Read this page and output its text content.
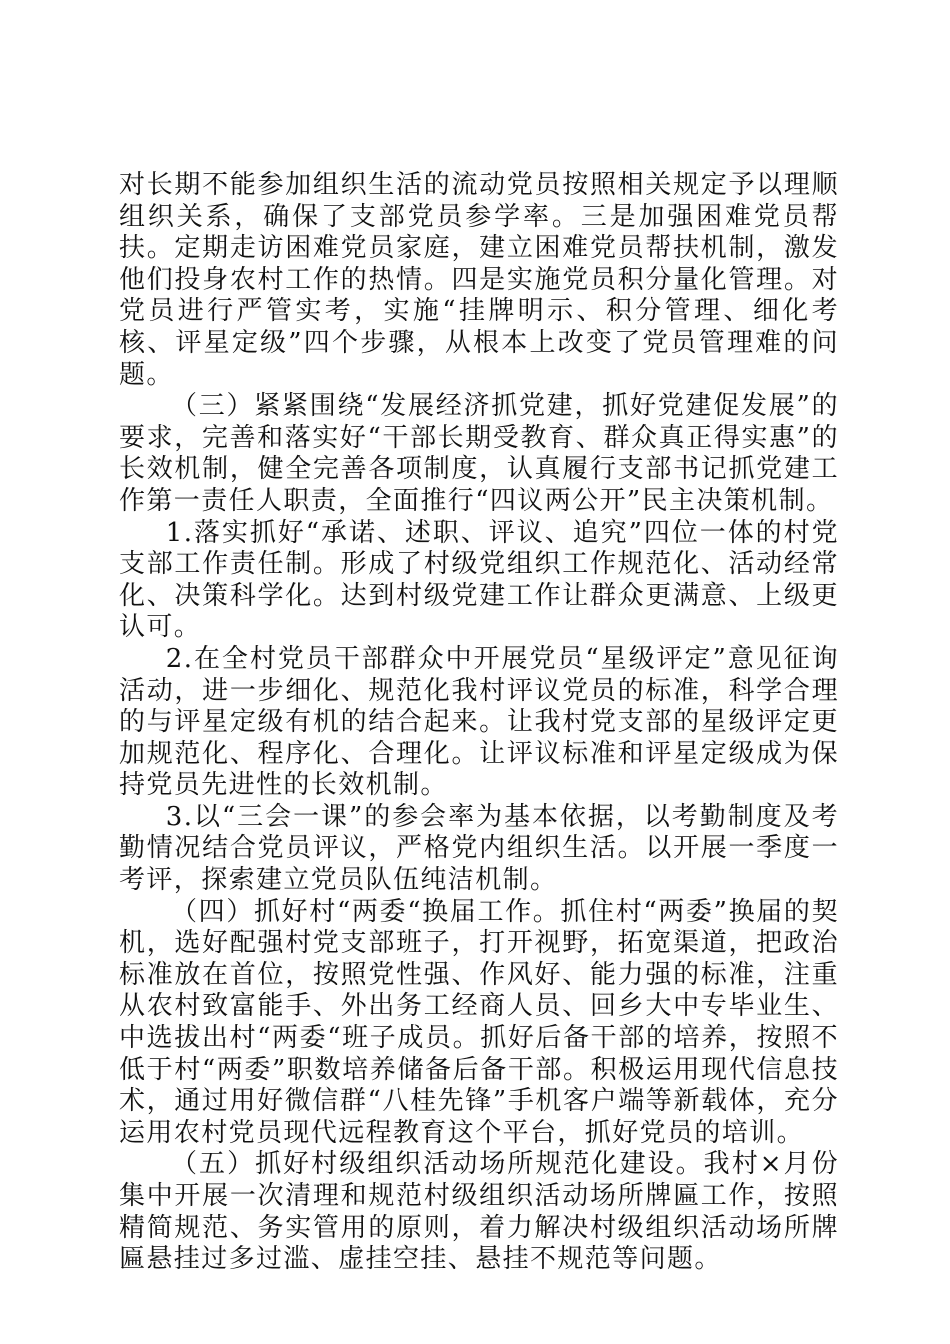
对长期不能参加组织生活的流动党员按照相关规定予以理顺组织关系，确保了支部党员参学率。三是加强困难党员帮扶。定期走访困难党员家庭，建立困难党员帮扶机制，激发他们投身农村工作的热情。四是实施党员积分量化管理。对党员进行严管实考，实施“挂牌明示、积分管理、细化考核、评星定级”四个步骤，从根本上改变了党员管理难的问题。

（三）紧紧围绕“发展经济抓党建，抓好党建促发展”的要求，完善和落实好“干部长期受教育、群众真正得实惠”的长效机制，健全完善各项制度，认真履行支部书记抓党建工作第一责任人职责，全面推行“四议两公开”民主决策机制。

1.落实抓好“承诺、述职、评议、追究”四位一体的村党支部工作责任制。形成了村级党组织工作规范化、活动经常化、决策科学化。达到村级党建工作让群众更满意、上级更认可。

2.在全村党员干部群众中开展党员“星级评定”意见征询活动，进一步细化、规范化我村评议党员的标准，科学合理的与评星定级有机的结合起来。让我村党支部的星级评定更加规范化、程序化、合理化。让评议标准和评星定级成为保持党员先进性的长效机制。

3.以“三会一课”的参会率为基本依据，以考勤制度及考勤情况结合党员评议，严格党内组织生活。以开展一季度一考评，探索建立党员队伍纯洁机制。

（四）抓好村“两委“换届工作。抓住村“两委”换届的契机，选好配强村党支部班子，打开视野，拓宽渠道，把政治标准放在首位，按照党性强、作风好、能力强的标准，注重从农村致富能手、外出务工经商人员、回乡大中专毕业生、中选拔出村“两委“班子成员。抓好后备干部的培养，按照不低于村“两委”职数培养储备后备干部。积极运用现代信息技术，通过用好微信群“八桂先锋”手机客户端等新载体，充分运用农村党员现代远程教育这个平台，抓好党员的培训。

（五）抓好村级组织活动场所规范化建设。我村×月份集中开展一次清理和规范村级组织活动场所牌匾工作，按照精简规范、务实管用的原则，着力解决村级组织活动场所牌匾悬挂过多过滥、虚挂空挂、悬挂不规范等问题。
